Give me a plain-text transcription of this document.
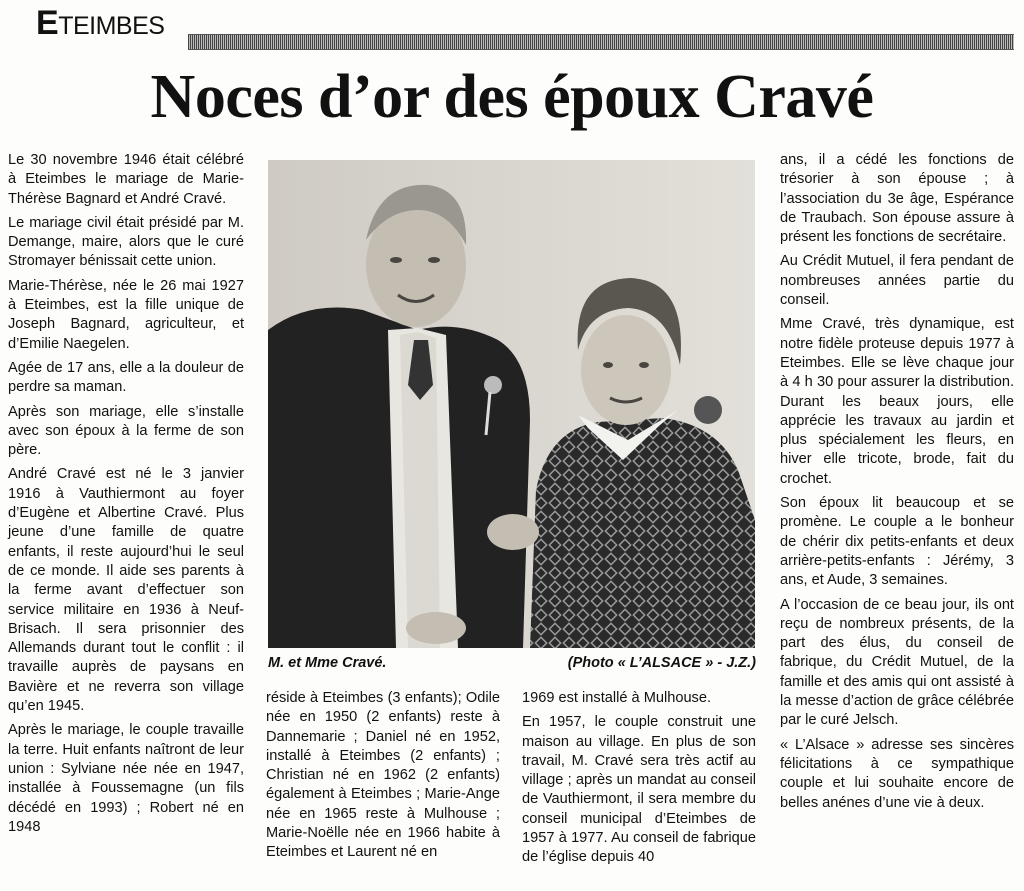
ETEIMBES
Noces d’or des époux Cravé

Le 30 novembre 1946 était célébré à Eteimbes le mariage de Marie-Thérèse Bagnard et André Cravé.

Le mariage civil était présidé par M. Demange, maire, alors que le curé Stromayer bénissait cette union.

Marie-Thérèse, née le 26 mai 1927 à Eteimbes, est la fille unique de Joseph Bagnard, agriculteur, et d’Emilie Naegelen.

Agée de 17 ans, elle a la douleur de perdre sa maman.

Après son mariage, elle s’installe avec son époux à la ferme de son père.

André Cravé est né le 3 janvier 1916 à Vauthiermont au foyer d’Eugène et Albertine Cravé. Plus jeune d’une famille de quatre enfants, il reste aujourd’hui le seul de ce monde. Il aide ses parents à la ferme avant d’effectuer son service militaire en 1936 à Neuf-Brisach. Il sera prisonnier des Allemands durant tout le conflit : il travaille auprès de paysans en Bavière et ne reverra son village qu’en 1945.

Après le mariage, le couple travaille la terre. Huit enfants naîtront de leur union : Sylviane née née en 1947, installée à Foussemagne (un fils décédé en 1993) ; Robert né en 1948

M. et Mme Cravé.	(Photo « L’ALSACE » - J.Z.)

réside à Eteimbes (3 enfants); Odile née en 1950 (2 enfants) reste à Dannemarie ; Daniel né en 1952, installé à Eteimbes (2 enfants) ; Christian né en 1962 (2 enfants) également à Eteimbes ; Marie-Ange née en 1965 reste à Mulhouse ; Marie-Noëlle née en 1966 habite à Eteimbes et Laurent né en

1969 est installé à Mulhouse.

En 1957, le couple construit une maison au village. En plus de son travail, M. Cravé sera très actif au village ; après un mandat au conseil de Vauthiermont, il sera membre du conseil municipal d’Eteimbes de 1957 à 1977. Au conseil de fabrique de l’église depuis 40

ans, il a cédé les fonctions de trésorier à son épouse ; à l’association du 3e âge, Espérance de Traubach. Son épouse assure à présent les fonctions de secrétaire.

Au Crédit Mutuel, il fera pendant de nombreuses années partie du conseil.

Mme Cravé, très dynamique, est notre fidèle proteuse depuis 1977 à Eteimbes. Elle se lève chaque jour à 4 h 30 pour assurer la distribution. Durant les beaux jours, elle apprécie les travaux au jardin et plus spécialement les fleurs, en hiver elle tricote, brode, fait du crochet.

Son époux lit beaucoup et se promène. Le couple a le bonheur de chérir dix petits-enfants et deux arrière-petits-enfants : Jérémy, 3 ans, et Aude, 3 semaines.

A l’occasion de ce beau jour, ils ont reçu de nombreux présents, de la part des élus, du conseil de fabrique, du Crédit Mutuel, de la famille et des amis qui ont assisté à la messe d’action de grâce célébrée par le curé Jelsch.

« L’Alsace » adresse ses sincères félicitations à ce sympathique couple et lui souhaite encore de belles anénes d’une vie à deux.
